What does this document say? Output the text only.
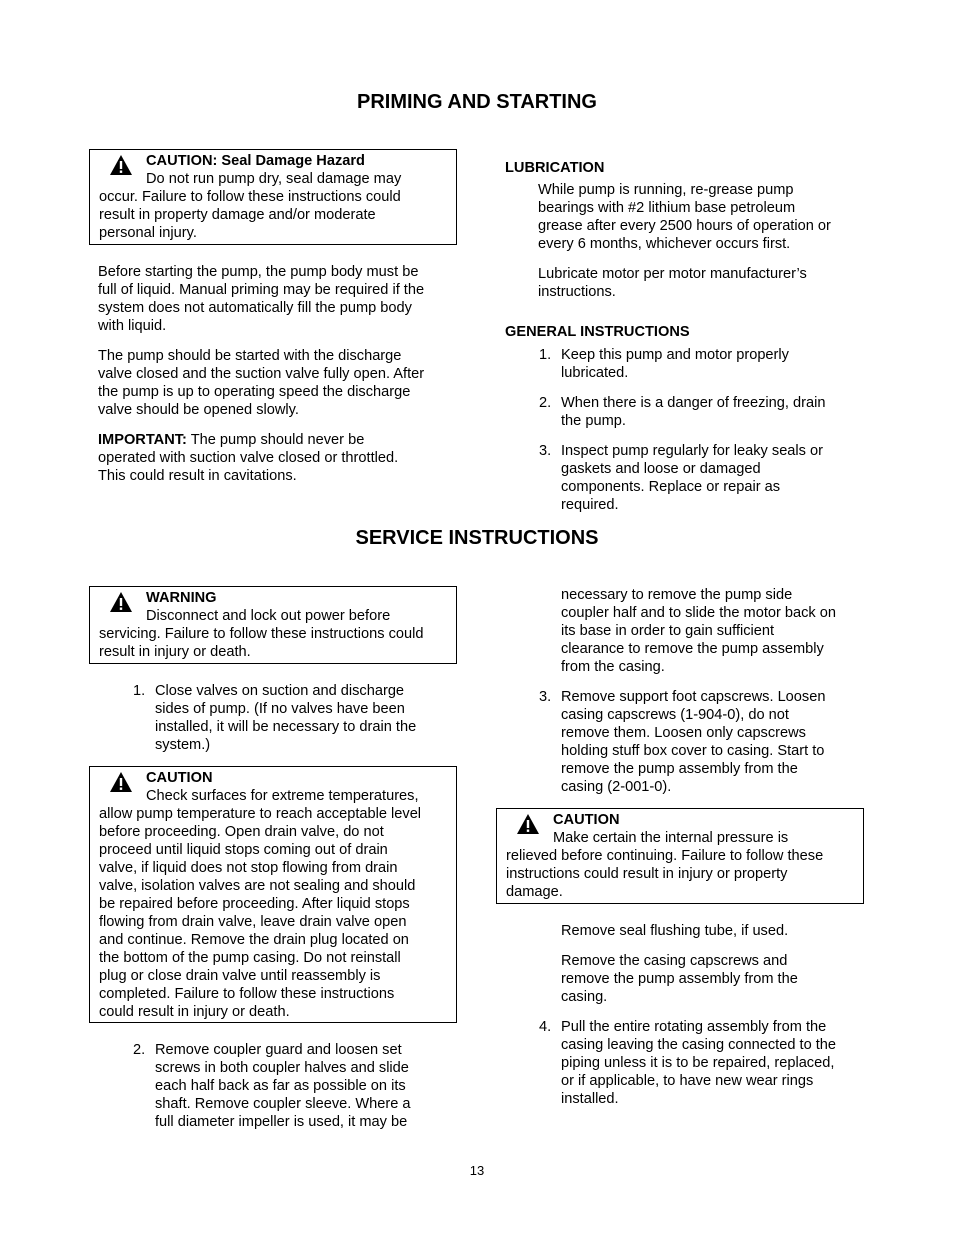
PRIMING AND STARTING
CAUTION: Seal Damage Hazard
Do not run pump dry, seal damage may
occur. Failure to follow these instructions could
result in property damage and/or moderate
personal injury.
Before starting the pump, the pump body must be
full of liquid. Manual priming may be required if the
system does not automatically fill the pump body
with liquid.
The pump should be started with the discharge
valve closed and the suction valve fully open. After
the pump is up to operating speed the discharge
valve should be opened slowly.
IMPORTANT: The pump should never be
operated with suction valve closed or throttled.
This could result in cavitations.
LUBRICATION
While pump is running, re-grease pump
bearings with #2 lithium base petroleum
grease after every 2500 hours of operation or
every 6 months, whichever occurs first.
Lubricate motor per motor manufacturer’s
instructions.
GENERAL INSTRUCTIONS
1. Keep this pump and motor properly
lubricated.
2. When there is a danger of freezing, drain
the pump.
3. Inspect pump regularly for leaky seals or
gaskets and loose or damaged
components. Replace or repair as
required.
SERVICE INSTRUCTIONS
WARNING
Disconnect and lock out power before
servicing. Failure to follow these instructions could
result in injury or death.
1. Close valves on suction and discharge
sides of pump. (If no valves have been
installed, it will be necessary to drain the
system.)
CAUTION
Check surfaces for extreme temperatures,
allow pump temperature to reach acceptable level
before proceeding. Open drain valve, do not
proceed until liquid stops coming out of drain
valve, if liquid does not stop flowing from drain
valve, isolation valves are not sealing and should
be repaired before proceeding. After liquid stops
flowing from drain valve, leave drain valve open
and continue. Remove the drain plug located on
the bottom of the pump casing. Do not reinstall
plug or close drain valve until reassembly is
completed. Failure to follow these instructions
could result in injury or death.
2. Remove coupler guard and loosen set
screws in both coupler halves and slide
each half back as far as possible on its
shaft. Remove coupler sleeve. Where a
full diameter impeller is used, it may be
necessary to remove the pump side
coupler half and to slide the motor back on
its base in order to gain sufficient
clearance to remove the pump assembly
from the casing.
3. Remove support foot capscrews. Loosen
casing capscrews (1-904-0), do not
remove them. Loosen only capscrews
holding stuff box cover to casing. Start to
remove the pump assembly from the
casing (2-001-0).
CAUTION
Make certain the internal pressure is
relieved before continuing. Failure to follow these
instructions could result in injury or property
damage.
Remove seal flushing tube, if used.
Remove the casing capscrews and
remove the pump assembly from the
casing.
4. Pull the entire rotating assembly from the
casing leaving the casing connected to the
piping unless it is to be repaired, replaced,
or if applicable, to have new wear rings
installed.
13
